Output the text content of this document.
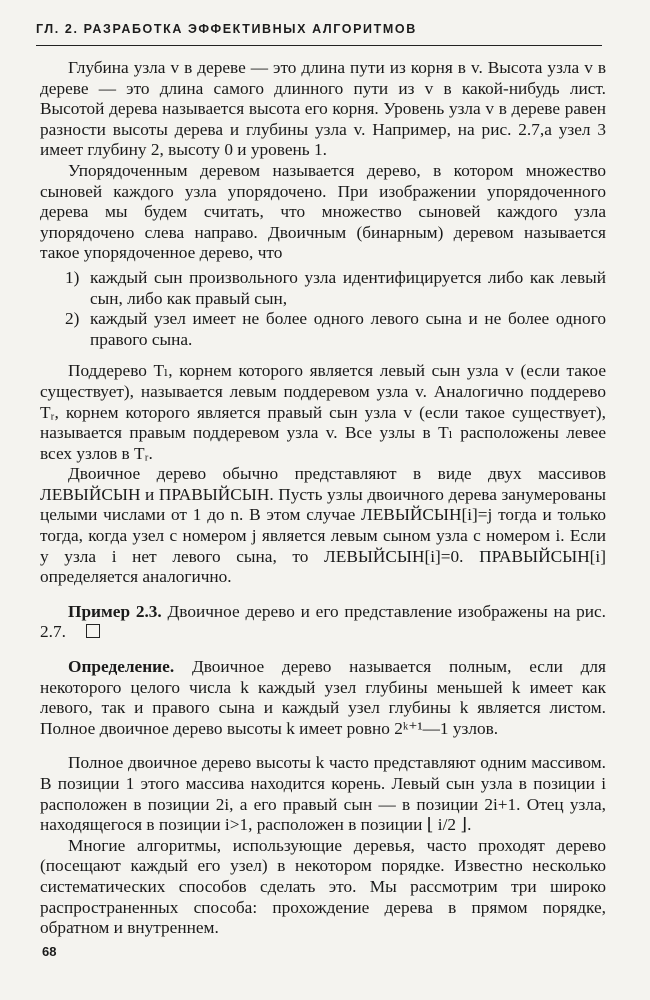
ГЛ. 2. РАЗРАБОТКА ЭФФЕКТИВНЫХ АЛГОРИТМОВ

Глубина узла v в дереве — это длина пути из корня в v. Высота узла v в дереве — это длина самого длинного пути из v в какой-нибудь лист. Высотой дерева называется высота его корня. Уровень узла v в дереве равен разности высоты дерева и глубины узла v. Например, на рис. 2.7,а узел 3 имеет глубину 2, высоту 0 и уровень 1.

Упорядоченным деревом называется дерево, в котором множество сыновей каждого узла упорядочено. При изображении упорядоченного дерева мы будем считать, что множество сыновей каждого узла упорядочено слева направо. Двоичным (бинарным) деревом называется такое упорядоченное дерево, что

1) каждый сын произвольного узла идентифицируется либо как левый сын, либо как правый сын,
2) каждый узел имеет не более одного левого сына и не более одного правого сына.

Поддерево Tₗ, корнем которого является левый сын узла v (если такое существует), называется левым поддеревом узла v. Аналогично поддерево Tᵣ, корнем которого является правый сын узла v (если такое существует), называется правым поддеревом узла v. Все узлы в Tₗ расположены левее всех узлов в Tᵣ.

Двоичное дерево обычно представляют в виде двух массивов ЛЕВЫЙСЫН и ПРАВЫЙСЫН. Пусть узлы двоичного дерева занумерованы целыми числами от 1 до n. В этом случае ЛЕВЫЙСЫН[i]=j тогда и только тогда, когда узел с номером j является левым сыном узла с номером i. Если у узла i нет левого сына, то ЛЕВЫЙСЫН[i]=0. ПРАВЫЙСЫН[i] определяется аналогично.

Пример 2.3. Двоичное дерево и его представление изображены на рис. 2.7.

Определение. Двоичное дерево называется полным, если для некоторого целого числа k каждый узел глубины меньшей k имеет как левого, так и правого сына и каждый узел глубины k является листом. Полное двоичное дерево высоты k имеет ровно 2ᵏ⁺¹—1 узлов.

Полное двоичное дерево высоты k часто представляют одним массивом. В позиции 1 этого массива находится корень. Левый сын узла в позиции i расположен в позиции 2i, а его правый сын — в позиции 2i+1. Отец узла, находящегося в позиции i>1, расположен в позиции ⌊ i/2 ⌋.

Многие алгоритмы, использующие деревья, часто проходят дерево (посещают каждый его узел) в некотором порядке. Известно несколько систематических способов сделать это. Мы рассмотрим три широко распространенных способа: прохождение дерева в прямом порядке, обратном и внутреннем.

68
